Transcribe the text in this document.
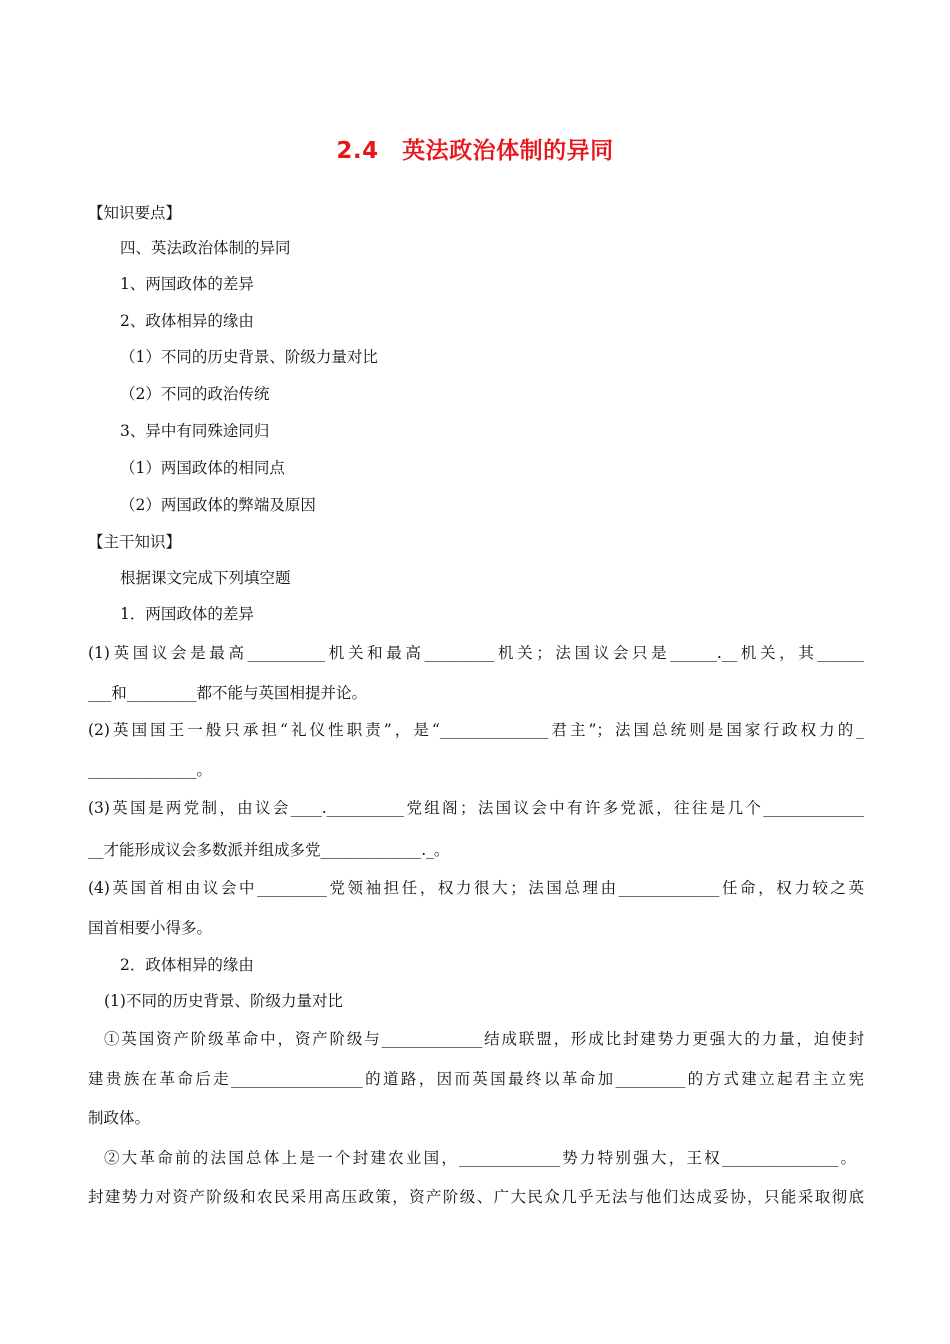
2.4　英法政治体制的异同
【知识要点】
四、英法政治体制的异同
1、两国政体的差异
2、政体相异的缘由
（1）不同的历史背景、阶级力量对比
（2）不同的政治传统
3、异中有同殊途同归
（1）两国政体的相同点
（2）两国政体的弊端及原因
【主干知识】
根据课文完成下列填空题
1．两国政体的差异
(1)英国议会是最高__________机关和最高_________机关；法国议会只是______.__机关，其______
___和_________都不能与英国相提并论。
(2)英国国王一般只承担“礼仪性职责”，是“______________君主”；法国总统则是国家行政权力的_
______________。
(3)英国是两党制，由议会____.__________党组阁；法国议会中有许多党派，往往是几个_____________
__才能形成议会多数派并组成多党_____________._。
(4)英国首相由议会中_________党领袖担任，权力很大；法国总理由_____________任命，权力较之英
国首相要小得多。
2．政体相异的缘由
(1)不同的历史背景、阶级力量对比
①英国资产阶级革命中，资产阶级与_____________结成联盟，形成比封建势力更强大的力量，迫使封
建贵族在革命后走_________________的道路，因而英国最终以革命加_________的方式建立起君主立宪
制政体。
②大革命前的法国总体上是一个封建农业国，_____________势力特别强大，王权_______________。
封建势力对资产阶级和农民采用高压政策，资产阶级、广大民众几乎无法与他们达成妥协，只能采取彻底
